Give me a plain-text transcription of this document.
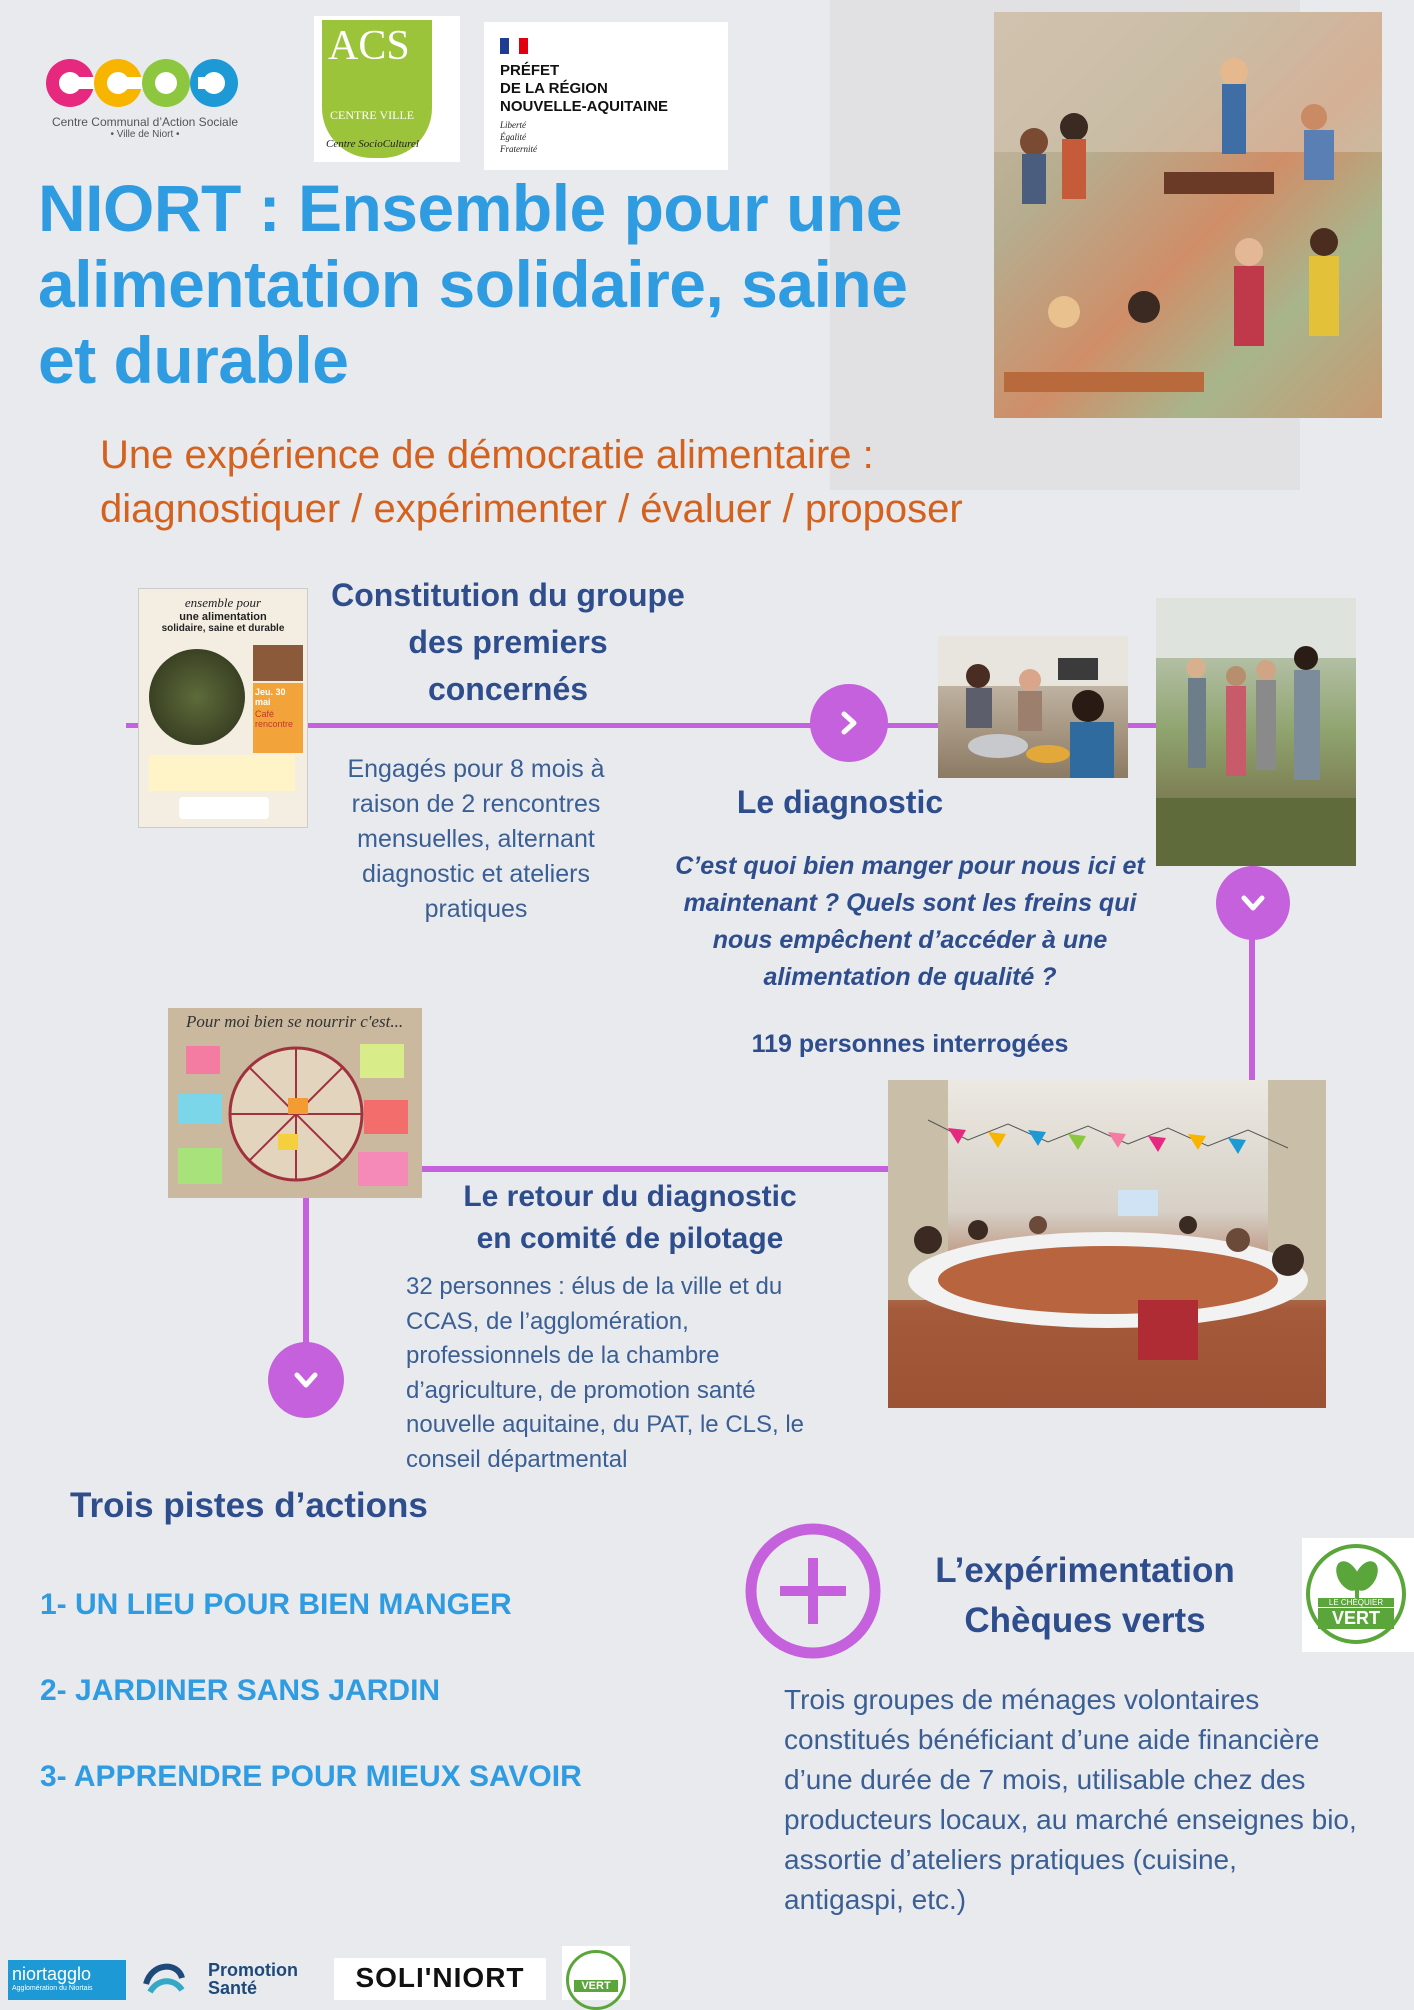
Centre Communal d’Action Sociale
• Ville de Niort •
ACS
CENTRE VILLE
Centre SocioCulturel
PRÉFET
DE LA RÉGION
NOUVELLE-AQUITAINE
Liberté
Égalité
Fraternité
NIORT : Ensemble pour une alimentation solidaire, saine et durable
Une expérience de démocratie alimentaire :
diagnostiquer / expérimenter / évaluer / proposer
ensemble pour
une alimentation
solidaire, saine et durable
Jeu. 30 mai
Café rencontre
Constitution du groupe des premiers concernés
Engagés pour 8 mois à raison de 2 rencontres mensuelles, alternant diagnostic et ateliers pratiques
Le diagnostic
C’est quoi bien manger pour nous ici et maintenant ? Quels sont les freins qui nous empêchent d’accéder à une alimentation de qualité ?
119 personnes interrogées
Pour moi bien se nourrir c'est...
Le retour du diagnostic
en comité de pilotage
32 personnes : élus de la ville et du CCAS, de l’agglomération, professionnels de la chambre d’agriculture, de promotion santé nouvelle aquitaine, du PAT, le CLS, le conseil départmental
Trois pistes d’actions
1- UN LIEU POUR BIEN MANGER
2- JARDINER SANS JARDIN
3- APPRENDRE POUR MIEUX SAVOIR
L’expérimentation
Chèques verts	LE CHÈQUIER
VERT
Trois groupes de ménages volontaires constitués bénéficiant d’une aide financière d’une durée de 7 mois, utilisable chez des producteurs locaux, au marché enseignes bio, assortie d’ateliers pratiques (cuisine, antigaspi, etc.)
niortagglo
Agglomération du Niortais
Promotion
Santé	SOLI'NIORT	VERT
